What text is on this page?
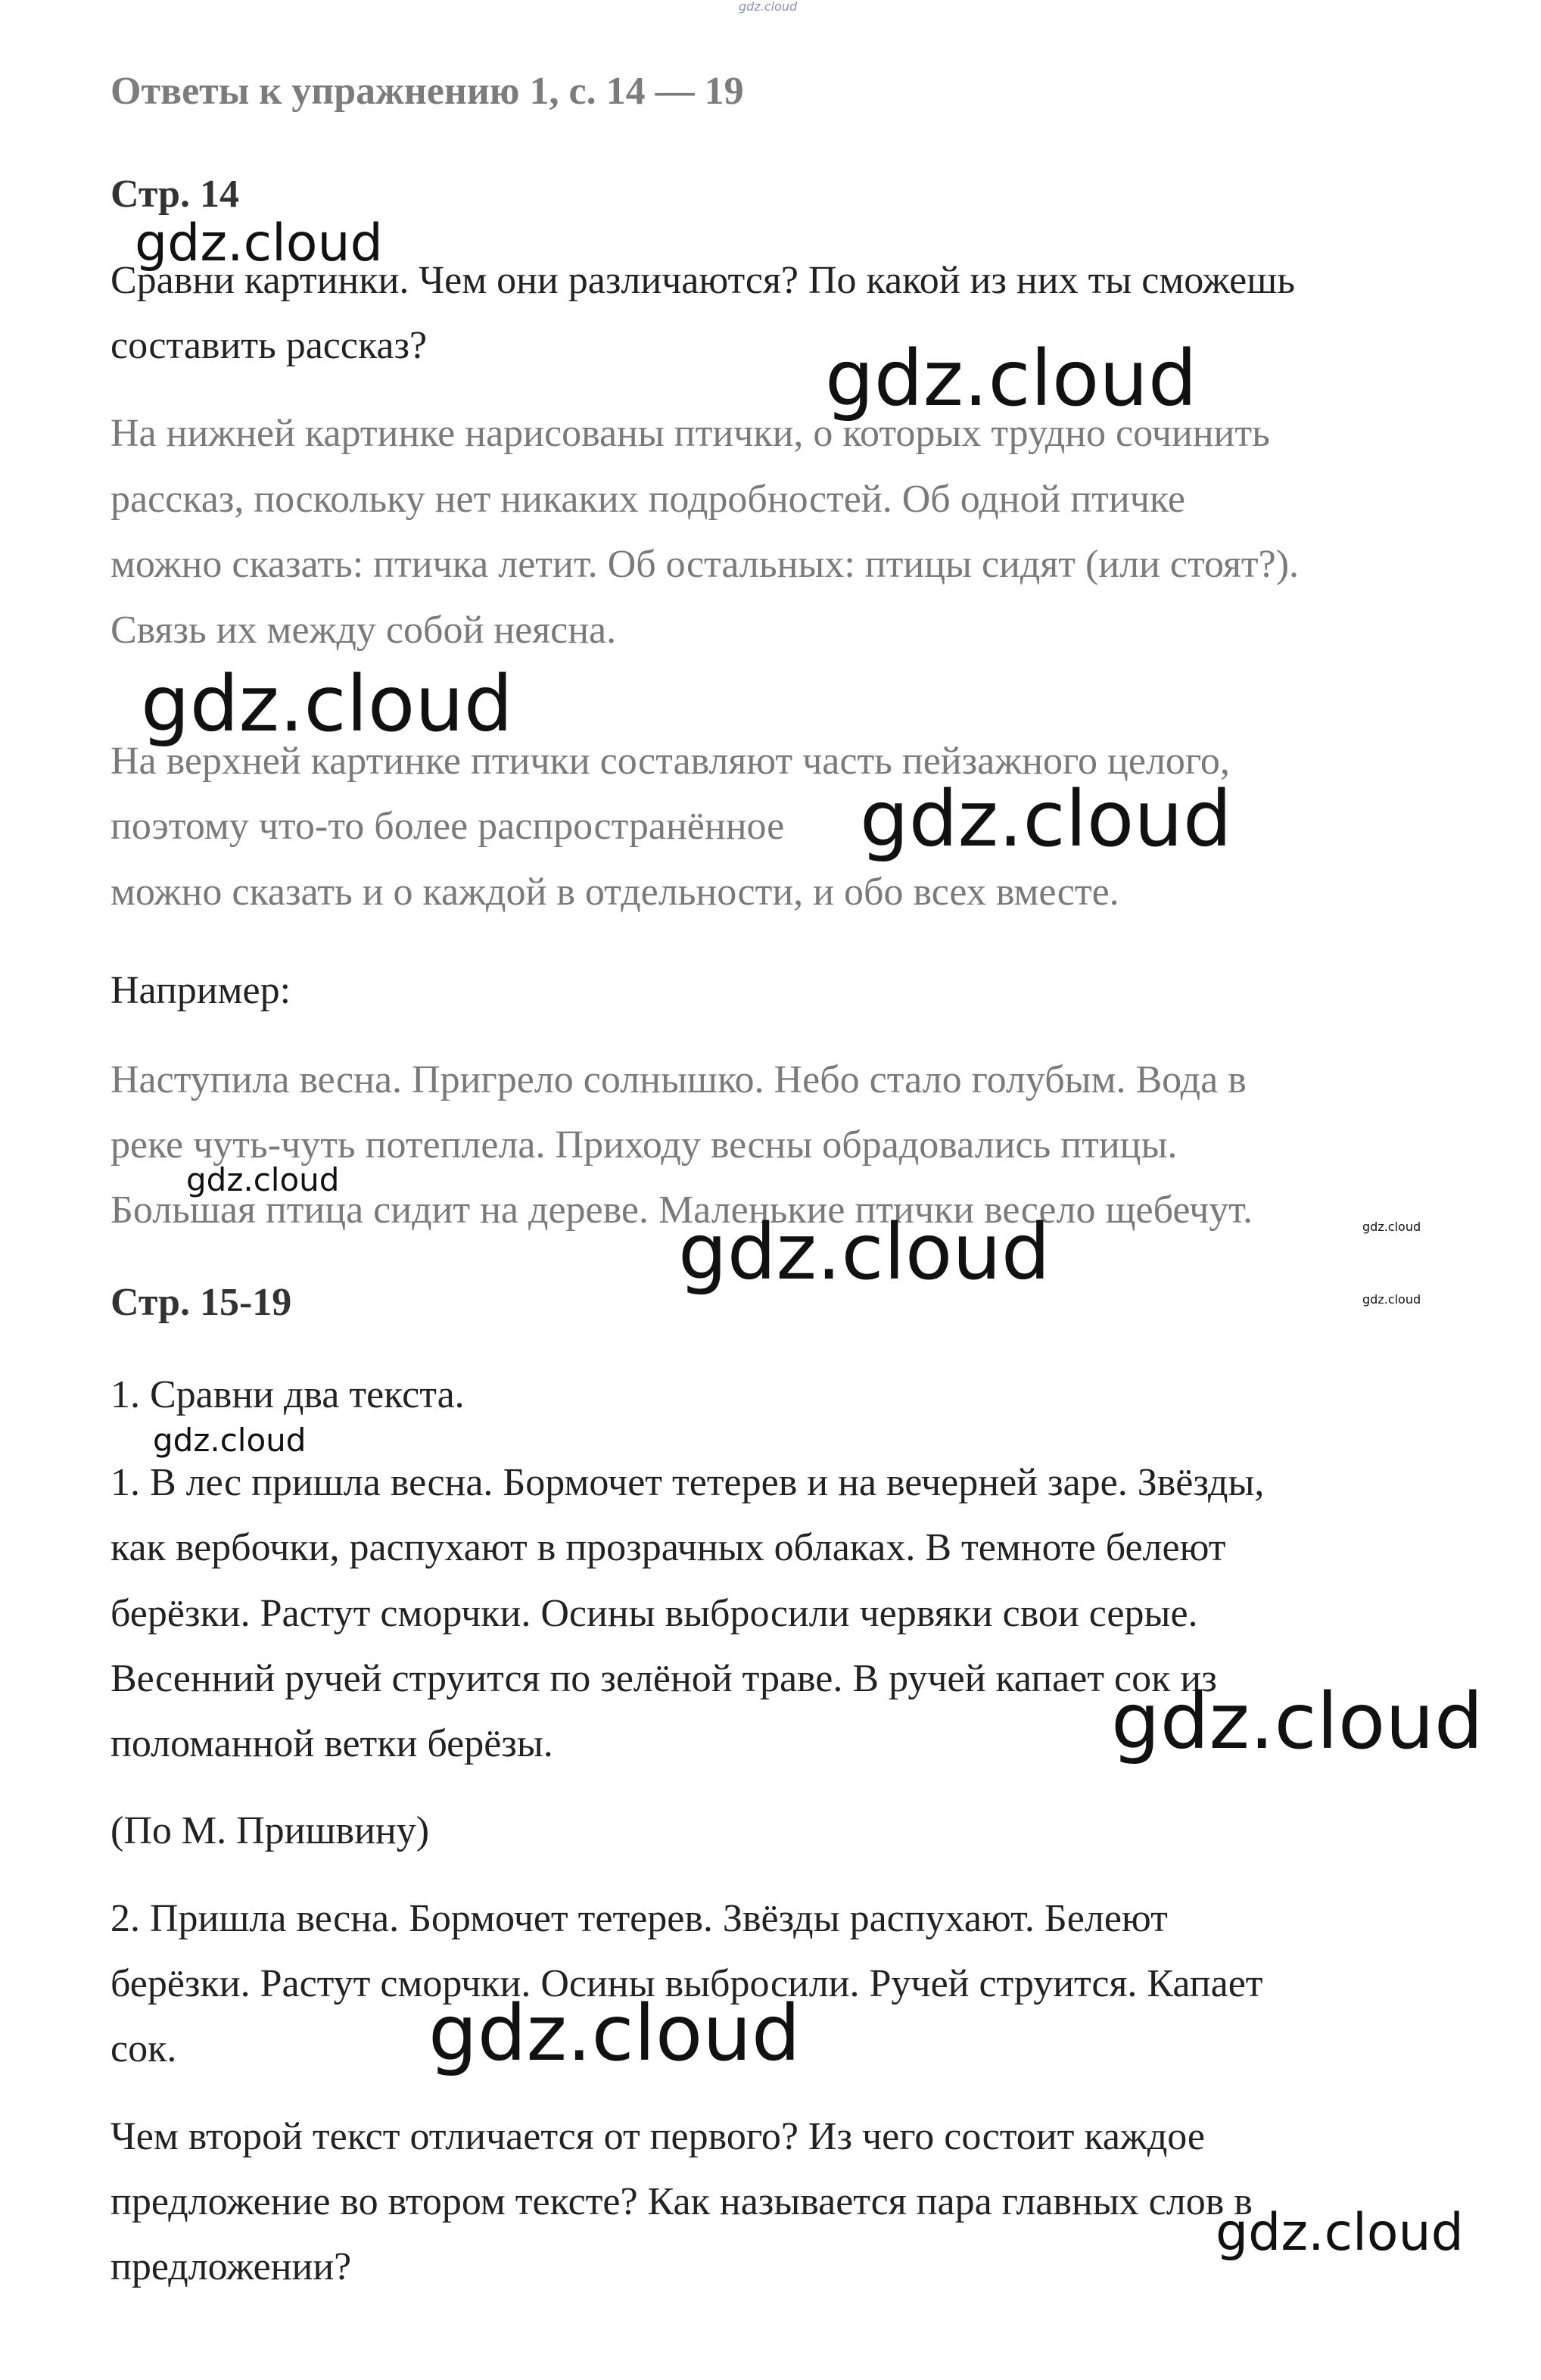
gdz.cloud

Ответы к упражнению 1, с. 14 — 19
Стр. 14

Сравни картинки. Чем они различаются? По какой из них ты сможешь

составить рассказ?

На нижней картинке нарисованы птички, о которых трудно сочинить

рассказ, поскольку нет никаких подробностей. Об одной птичке

можно сказать: птичка летит. Об остальных: птицы сидят (или стоят?).

Связь их между собой неясна.

На верхней картинке птички составляют часть пейзажного целого,

поэтому что-то более распространённое

можно сказать и о каждой в отдельности, и обо всех вместе.

Например:

Наступила весна. Пригрело солнышко. Небо стало голубым. Вода в

реке чуть-чуть потеплела. Приходу весны обрадовались птицы.

Большая птица сидит на дереве. Маленькие птички весело щебечут.

Стр. 15-19

1. Сравни два текста.

1. В лес пришла весна. Бормочет тетерев и на вечерней заре. Звёзды,

как вербочки, распухают в прозрачных облаках. В темноте белеют

берёзки. Растут сморчки. Осины выбросили червяки свои серые.

Весенний ручей струится по зелёной траве. В ручей капает сок из

поломанной ветки берёзы.

(По М. Пришвину)

2. Пришла весна. Бормочет тетерев. Звёзды распухают. Белеют

берёзки. Растут сморчки. Осины выбросили. Ручей струится. Капает

сок.

Чем второй текст отличается от первого? Из чего состоит каждое

предложение во втором тексте? Как называется пара главных слов в

предложении?

gdz.cloud

gdz.cloud

gdz.cloud

gdz.cloud

gdz.cloud

gdz.cloud	gdz.cloud

gdz.cloud

gdz.cloud

gdz.cloud

gdz.cloud

gdz.cloud
